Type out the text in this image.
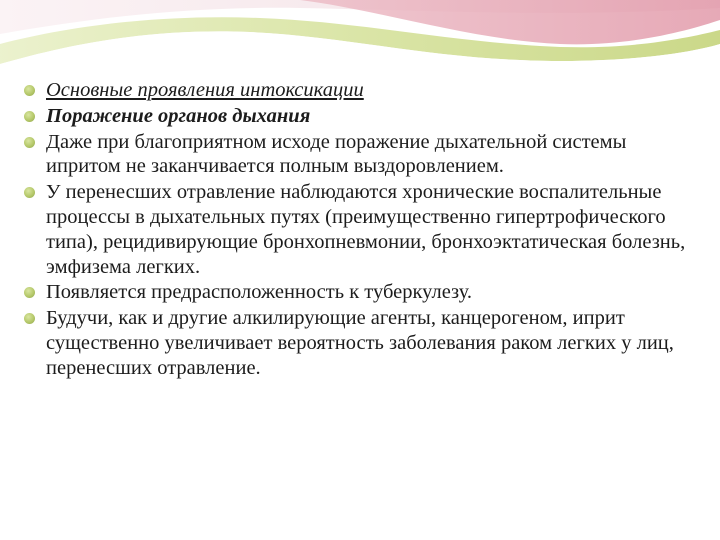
Основные проявления интоксикации
Поражение органов дыхания
Даже при благоприятном исходе поражение дыхательной системы ипритом не заканчивается полным выздоровлением.
У перенесших отравление наблюдаются хронические воспалительные процессы в дыхательных путях (преимущественно гипертрофического типа), рецидивирующие бронхопневмонии, бронхоэктатическая болезнь, эмфизема легких.
Появляется предрасположенность к туберкулезу.
Будучи, как и другие алкилирующие агенты, канцерогеном, иприт существенно увеличивает вероятность заболевания раком легких у лиц, перенесших отравление.
